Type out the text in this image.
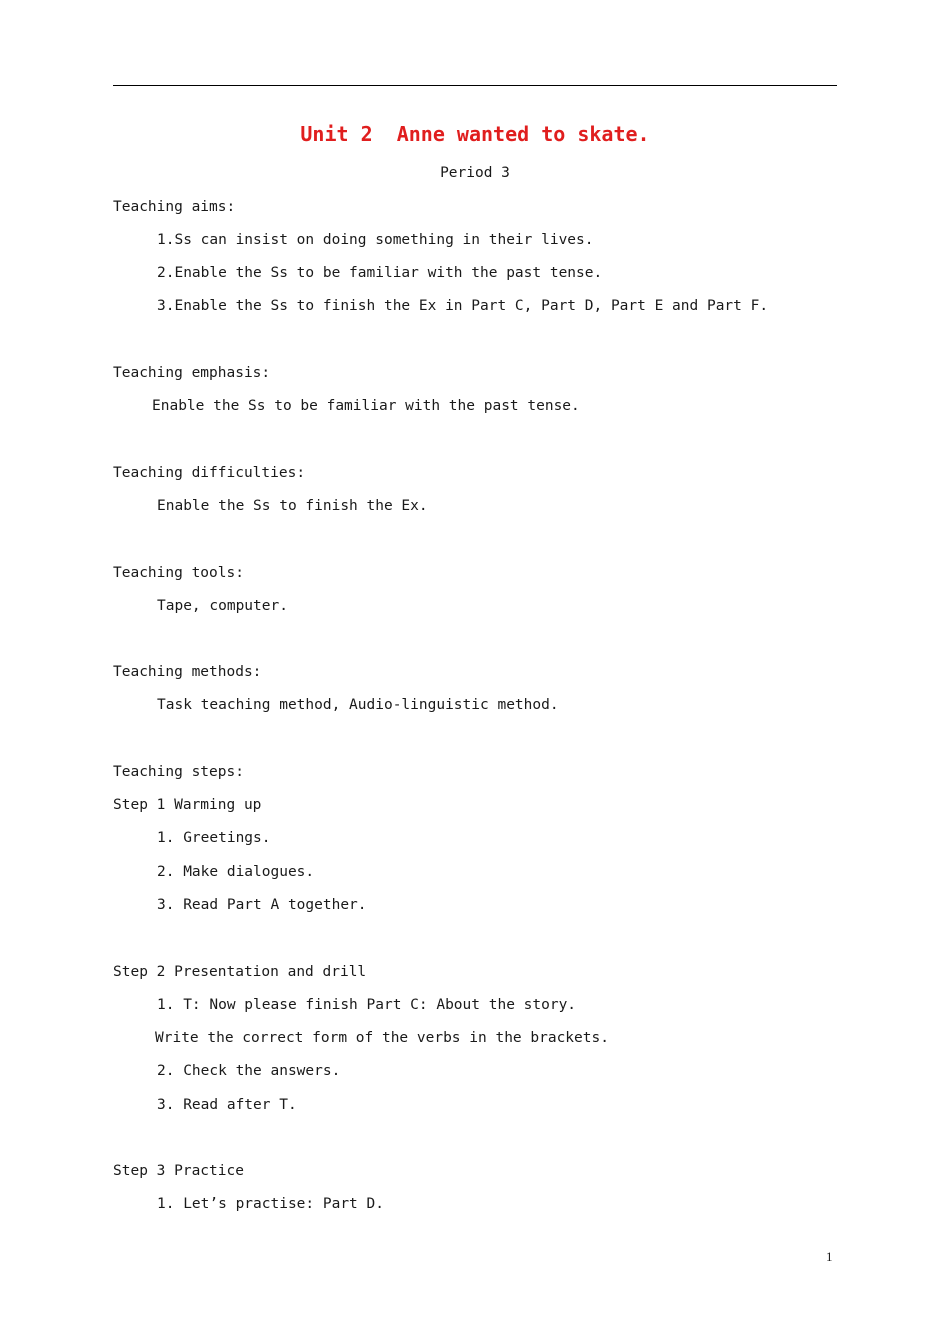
Unit 2  Anne wanted to skate.
Period 3
Teaching aims:
1.Ss can insist on doing something in their lives.
2.Enable the Ss to be familiar with the past tense.
3.Enable the Ss to finish the Ex in Part C, Part D, Part E and Part F.
Teaching emphasis:
Enable the Ss to be familiar with the past tense.
Teaching difficulties:
Enable the Ss to finish the Ex.
Teaching tools:
Tape, computer.
Teaching methods:
Task teaching method, Audio-linguistic method.
Teaching steps:
Step 1 Warming up
1. Greetings.
2. Make dialogues.
3. Read Part A together.
Step 2 Presentation and drill
1. T: Now please finish Part C: About the story.
Write the correct form of the verbs in the brackets.
2. Check the answers.
3. Read after T.
Step 3 Practice
1. Let’s practise: Part D.
1
